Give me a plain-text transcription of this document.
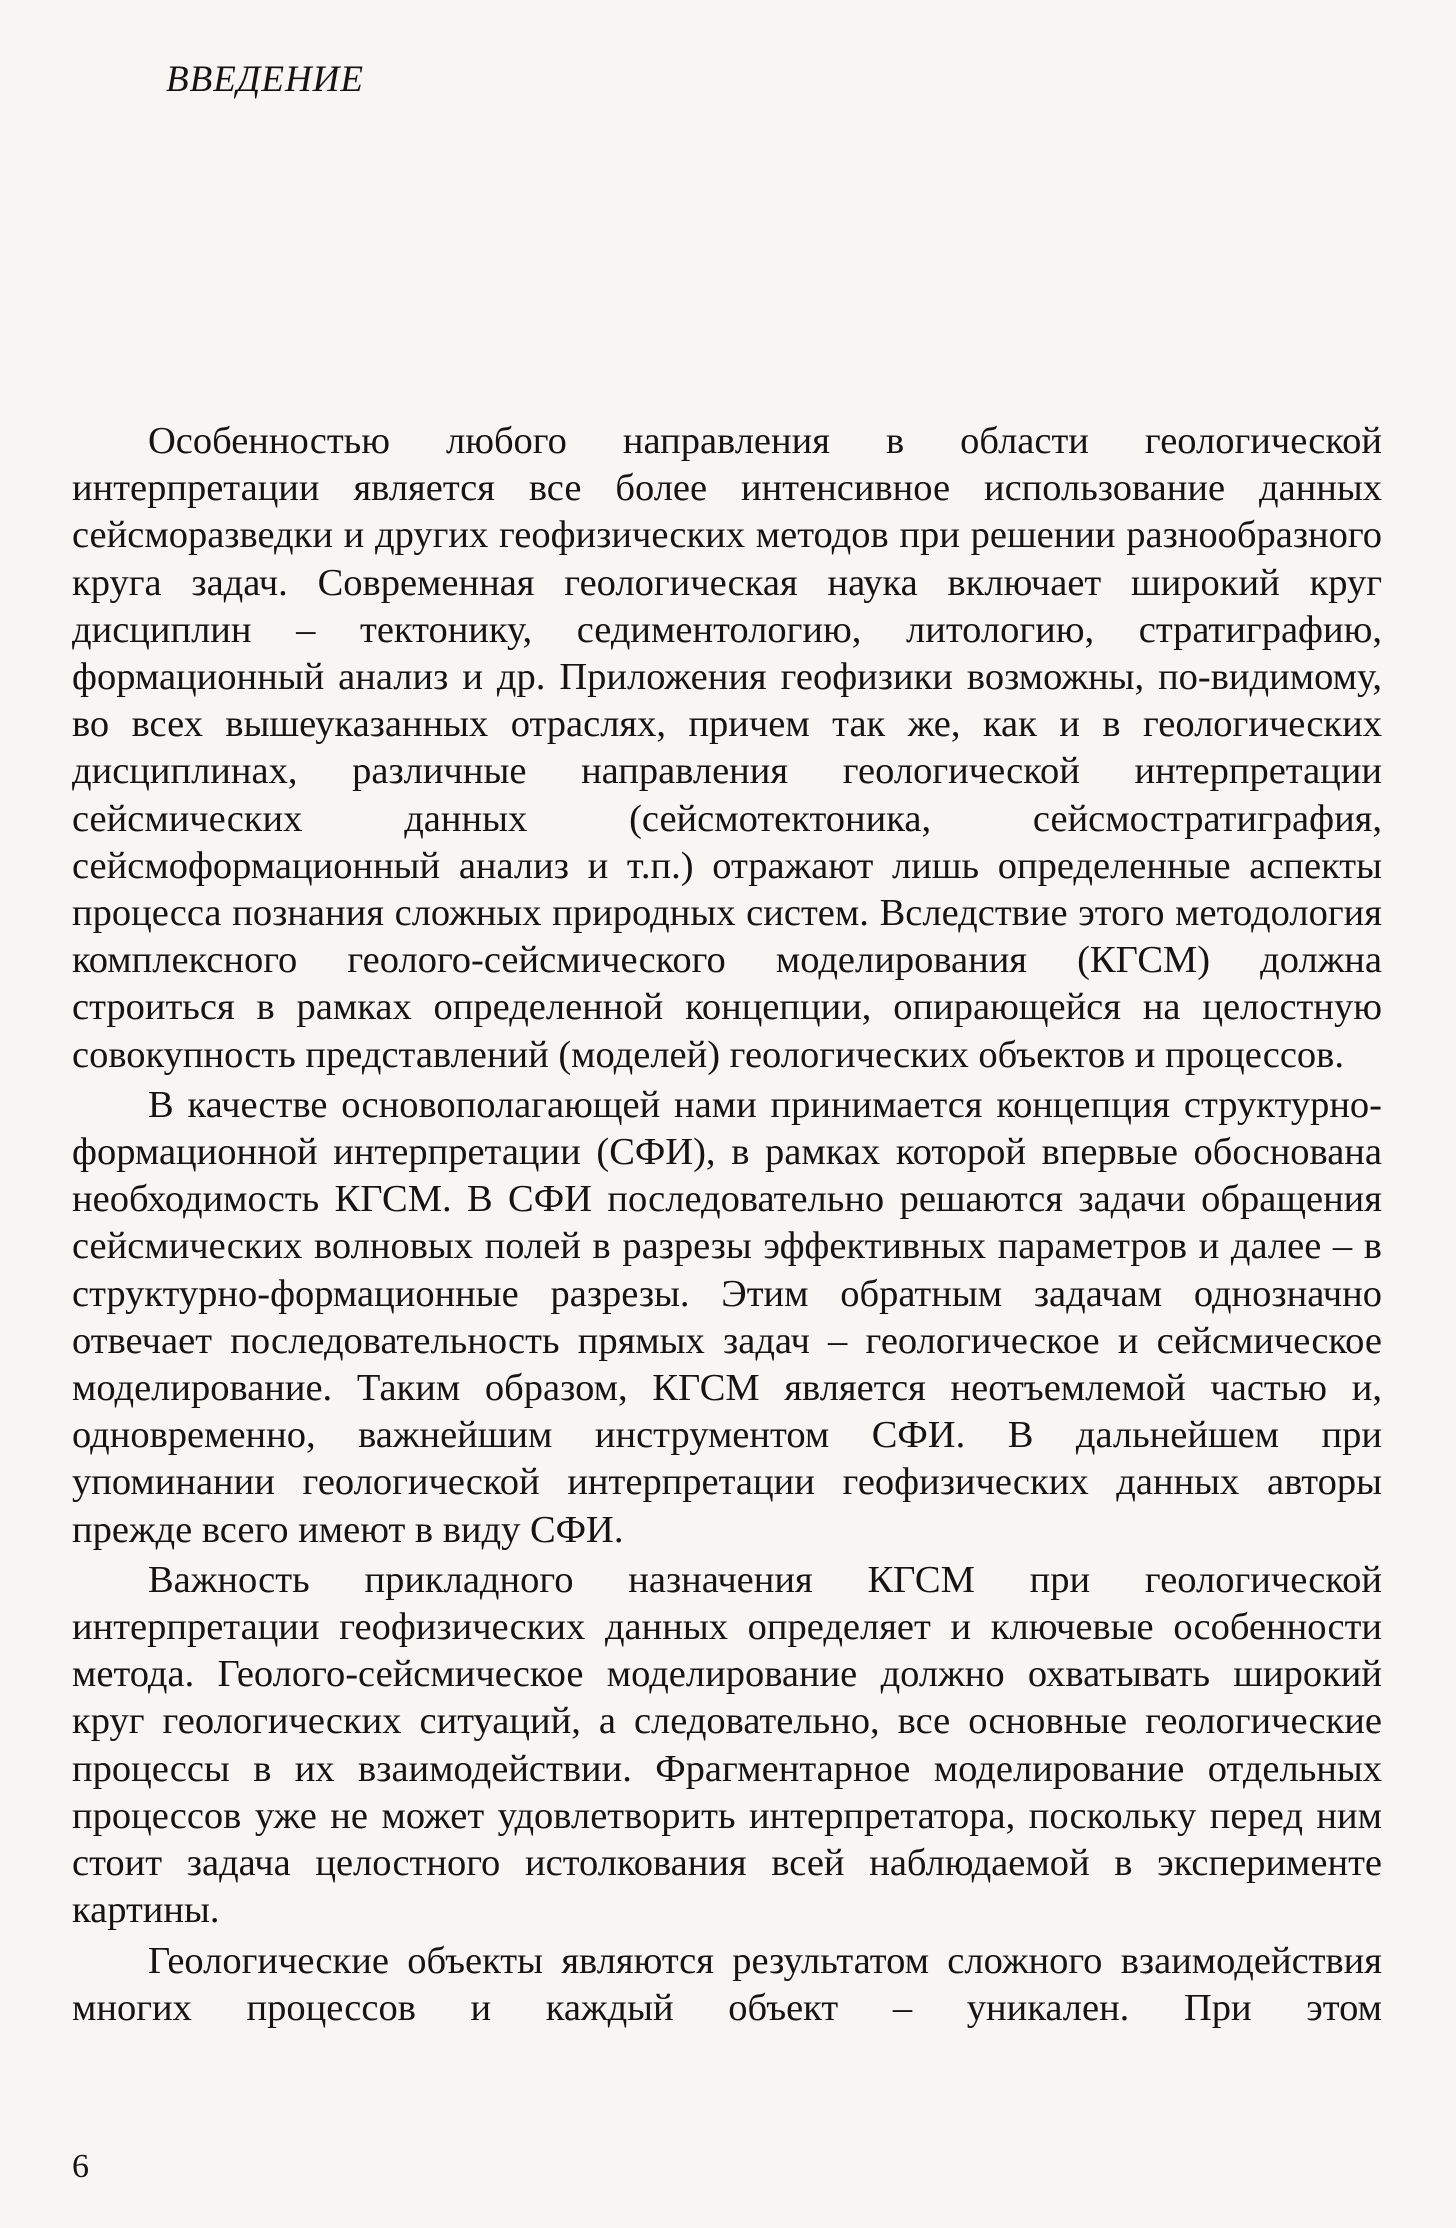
ВВЕДЕНИЕ

Особенностью любого направления в области геологической интерпретации является все более интенсивное использование данных сейсморазведки и других геофизических методов при решении разнообразного круга задач. Современная геологическая наука включает широкий круг дисциплин – тектонику, седиментологию, литологию, стратиграфию, формационный анализ и др. Приложения геофизики возможны, по-видимому, во всех вышеуказанных отраслях, причем так же, как и в геологических дисциплинах, различные направления геологической интерпретации сейсмических данных (сейсмотектоника, сейсмостратиграфия, сейсмоформационный анализ и т.п.) отражают лишь определенные аспекты процесса познания сложных природных систем. Вследствие этого методология комплексного геолого-сейсмического моделирования (КГСМ) должна строиться в рамках определенной концепции, опирающейся на целостную совокупность представлений (моделей) геологических объектов и процессов.

В качестве основополагающей нами принимается концепция структурно-формационной интерпретации (СФИ), в рамках которой впервые обоснована необходимость КГСМ. В СФИ последовательно решаются задачи обращения сейсмических волновых полей в разрезы эффективных параметров и далее – в структурно-формационные разрезы. Этим обратным задачам однозначно отвечает последовательность прямых задач – геологическое и сейсмическое моделирование. Таким образом, КГСМ является неотъемлемой частью и, одновременно, важнейшим инструментом СФИ. В дальнейшем при упоминании геологической интерпретации геофизических данных авторы прежде всего имеют в виду СФИ.

Важность прикладного назначения КГСМ при геологической интерпретации геофизических данных определяет и ключевые особенности метода. Геолого-сейсмическое моделирование должно охватывать широкий круг геологических ситуаций, а следовательно, все основные геологические процессы в их взаимодействии. Фрагментарное моделирование отдельных процессов уже не может удовлетворить интерпретатора, поскольку перед ним стоит задача целостного истолкования всей наблюдаемой в эксперименте картины.

Геологические объекты являются результатом сложного взаимодействия многих процессов и каждый объект – уникален. При этом

6
